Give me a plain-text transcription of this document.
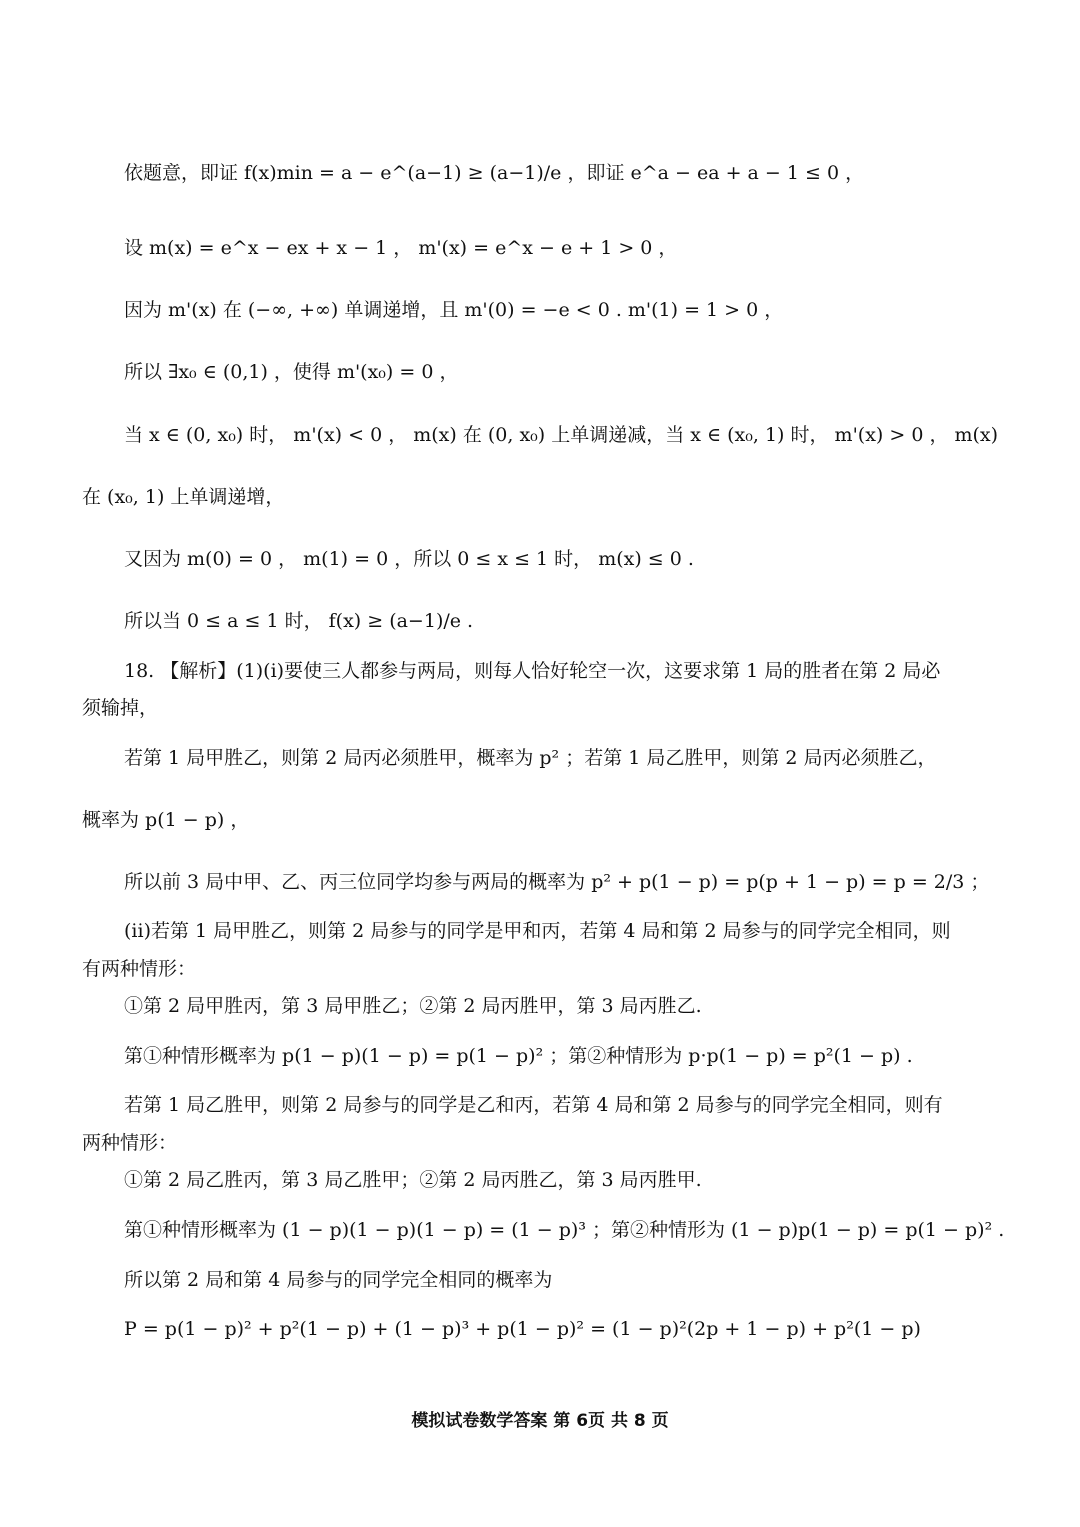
依题意，即证 f(x)min = a − e^(a−1) ≥ (a−1)/e ，即证 e^a − ea + a − 1 ≤ 0 ，
设 m(x) = e^x − ex + x − 1 ， m'(x) = e^x − e + 1 > 0 ，
因为 m'(x) 在 (−∞, +∞) 单调递增，且 m'(0) = −e < 0 . m'(1) = 1 > 0 ，
所以 ∃x₀ ∈ (0,1) ，使得 m'(x₀) = 0 ，
当 x ∈ (0, x₀) 时， m'(x) < 0 ， m(x) 在 (0, x₀) 上单调递减，当 x ∈ (x₀, 1) 时， m'(x) > 0 ， m(x)
在 (x₀, 1) 上单调递增，
又因为 m(0) = 0 ， m(1) = 0 ，所以 0 ≤ x ≤ 1 时， m(x) ≤ 0 .
所以当 0 ≤ a ≤ 1 时， f(x) ≥ (a−1)/e .
18. 【解析】(1)(i)要使三人都参与两局，则每人恰好轮空一次，这要求第 1 局的胜者在第 2 局必
须输掉，
若第 1 局甲胜乙，则第 2 局丙必须胜甲，概率为 p² ；若第 1 局乙胜甲，则第 2 局丙必须胜乙，
概率为 p(1 − p) ，
所以前 3 局中甲、乙、丙三位同学均参与两局的概率为 p² + p(1 − p) = p(p + 1 − p) = p = 2/3 ；
(ii)若第 1 局甲胜乙，则第 2 局参与的同学是甲和丙，若第 4 局和第 2 局参与的同学完全相同，则
有两种情形：
①第 2 局甲胜丙，第 3 局甲胜乙；②第 2 局丙胜甲，第 3 局丙胜乙.
第①种情形概率为 p(1 − p)(1 − p) = p(1 − p)² ；第②种情形为 p·p(1 − p) = p²(1 − p) .
若第 1 局乙胜甲，则第 2 局参与的同学是乙和丙，若第 4 局和第 2 局参与的同学完全相同，则有
两种情形：
①第 2 局乙胜丙，第 3 局乙胜甲；②第 2 局丙胜乙，第 3 局丙胜甲.
第①种情形概率为 (1 − p)(1 − p)(1 − p) = (1 − p)³ ；第②种情形为 (1 − p)p(1 − p) = p(1 − p)² .
所以第 2 局和第 4 局参与的同学完全相同的概率为
P = p(1 − p)² + p²(1 − p) + (1 − p)³ + p(1 − p)² = (1 − p)²(2p + 1 − p) + p²(1 − p)
模拟试卷数学答案 第 6页 共 8 页
